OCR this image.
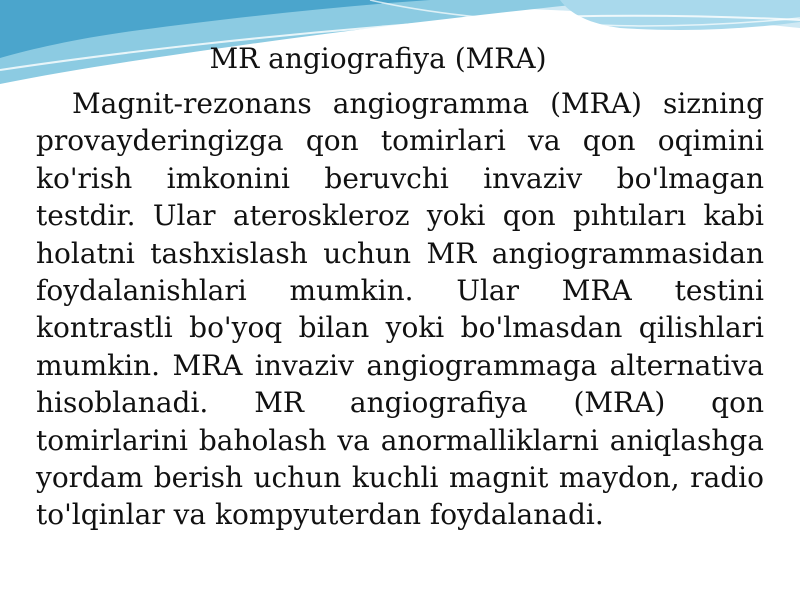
MR angiografiya (MRA)
Magnit-rezonans angiogramma (MRA) sizning provayderingizga qon tomirlari va qon oqimini ko'rish imkonini beruvchi invaziv bo'lmagan testdir. Ular ateroskleroz yoki qon pıhtıları kabi holatni tashxislash uchun MR angiogrammasidan foydalanishlari mumkin. Ular MRA testini kontrastli bo'yoq bilan yoki bo'lmasdan qilishlari mumkin. MRA invaziv angiogrammaga alternativa hisoblanadi. MR angiografiya (MRA) qon tomirlarini baholash va anormalliklarni aniqlashga yordam berish uchun kuchli magnit maydon, radio to'lqinlar va kompyuterdan foydalanadi.
